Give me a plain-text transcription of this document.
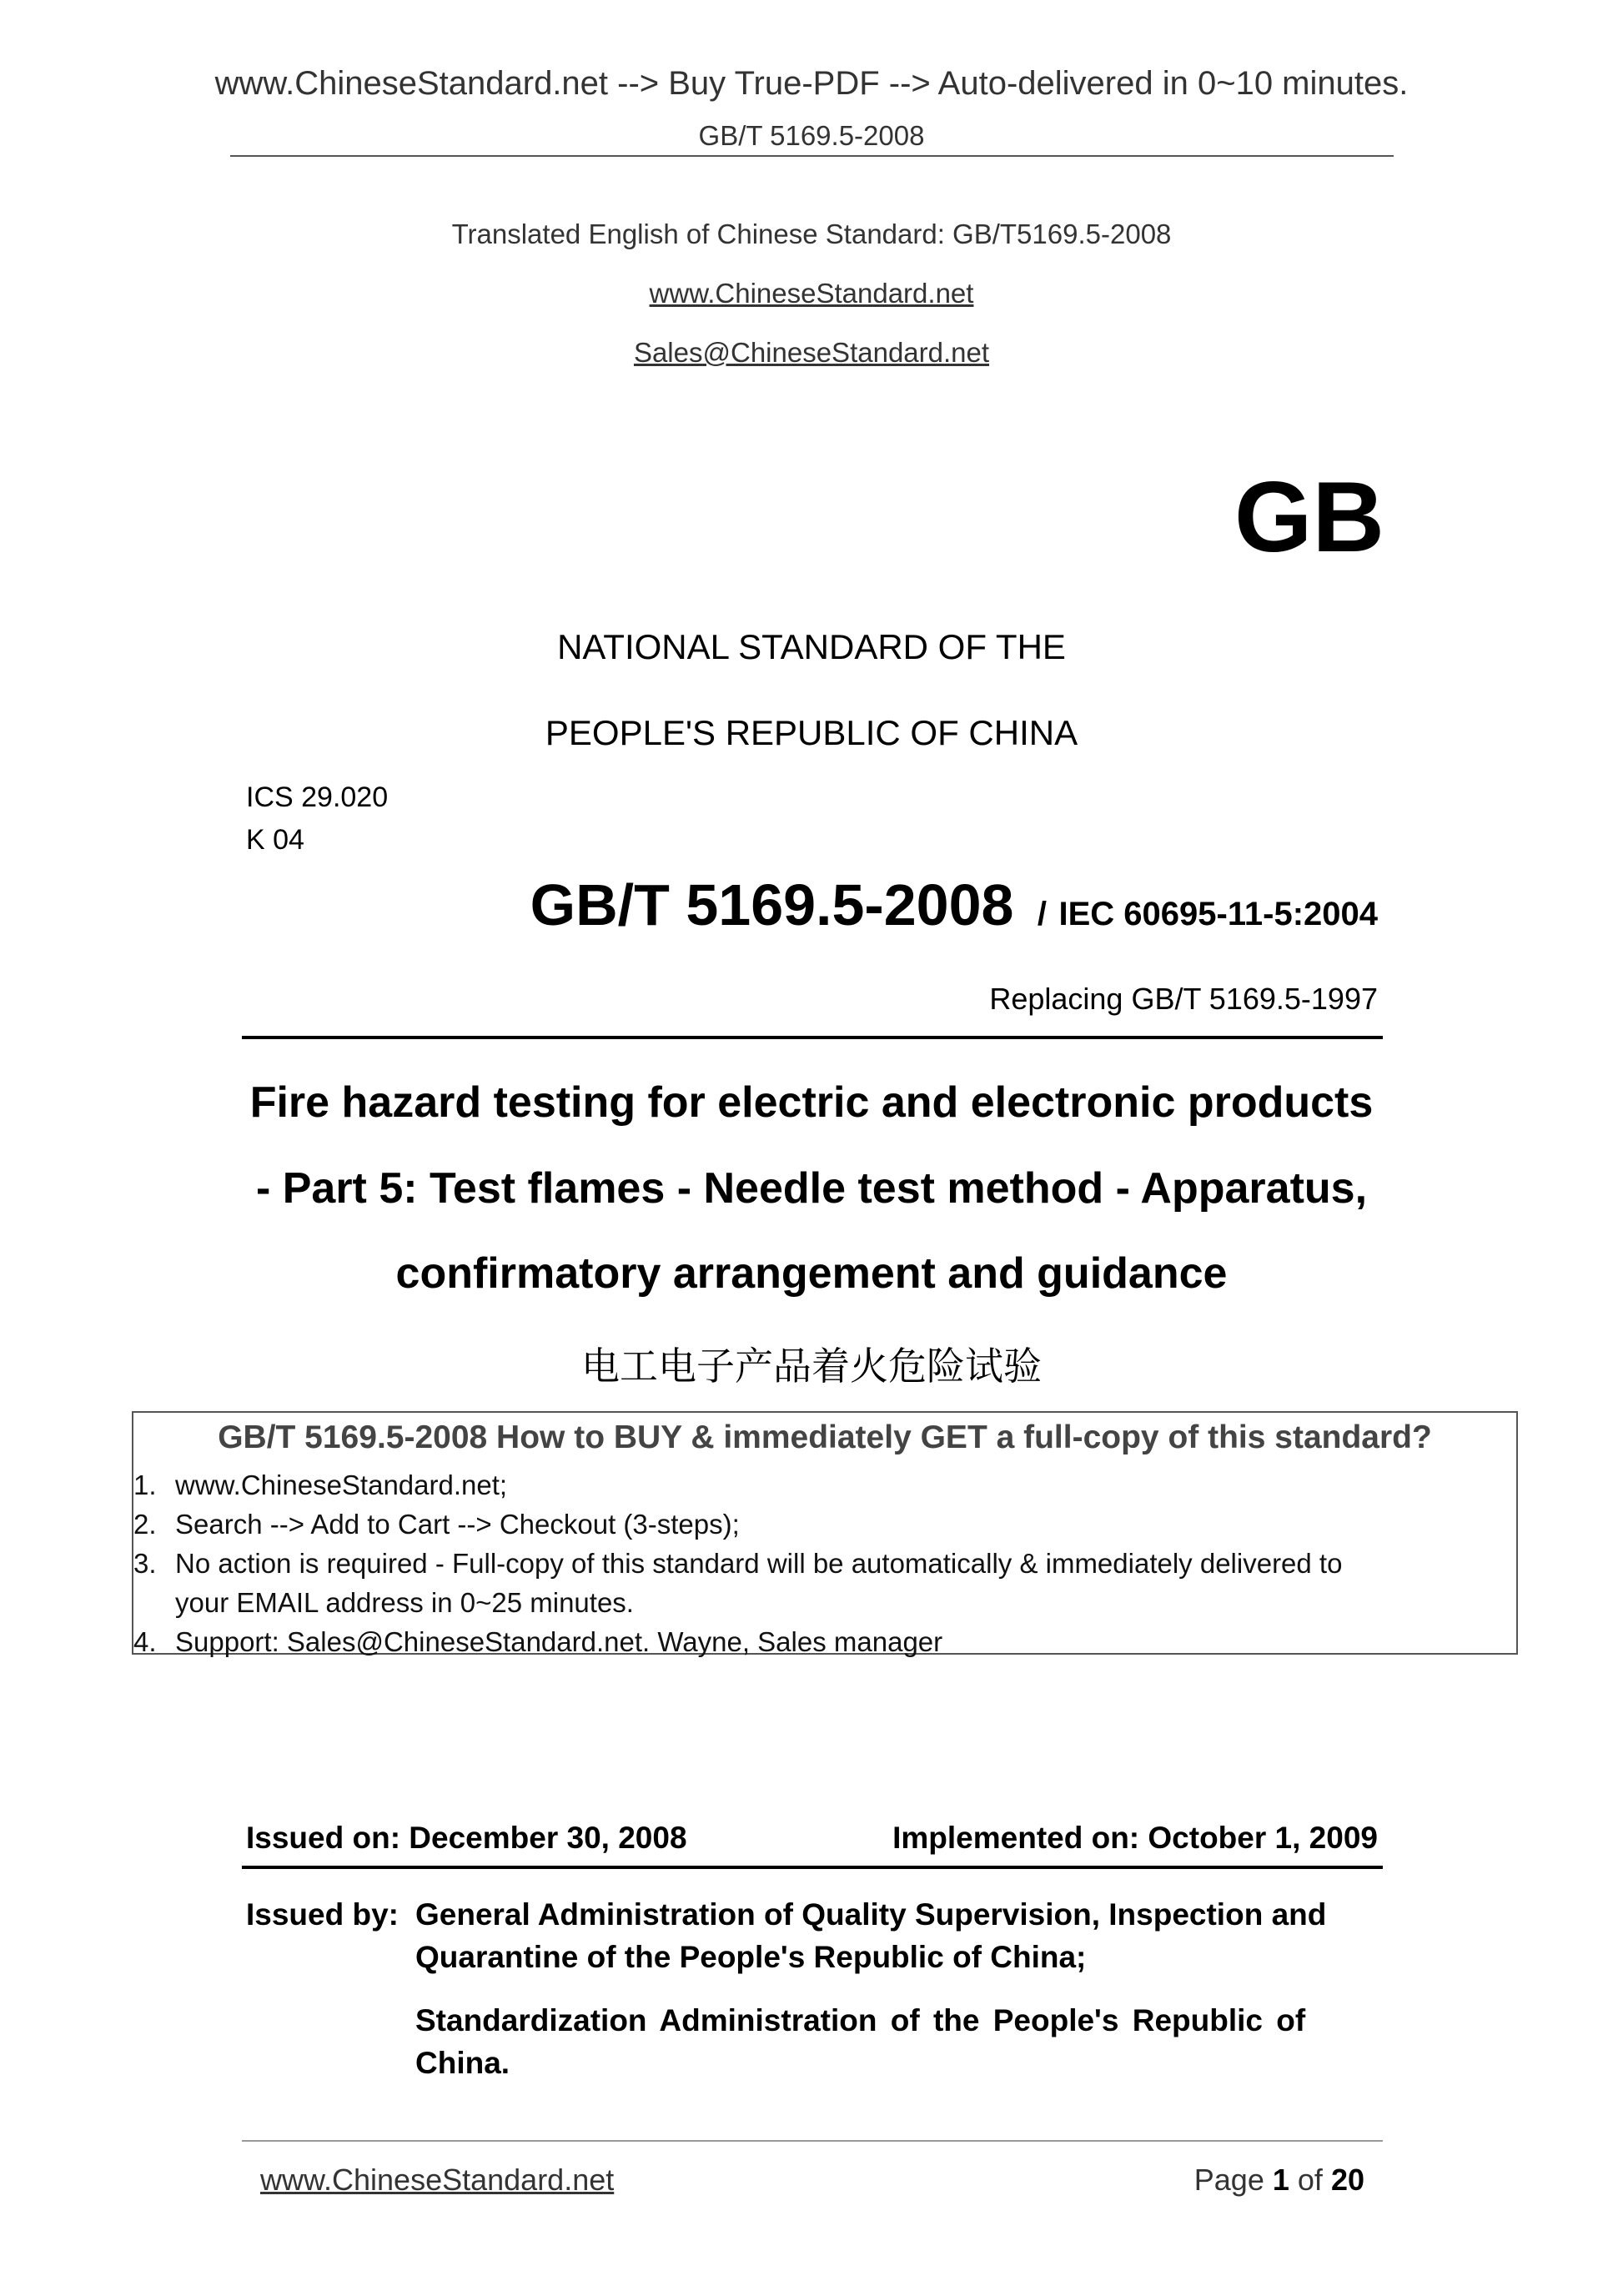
www.ChineseStandard.net --> Buy True-PDF --> Auto-delivered in 0~10 minutes.
GB/T 5169.5-2008
Translated English of Chinese Standard: GB/T5169.5-2008
www.ChineseStandard.net
Sales@ChineseStandard.net
GB
NATIONAL STANDARD OF THE
PEOPLE'S REPUBLIC OF CHINA
ICS 29.020
K 04
GB/T 5169.5-2008 / IEC 60695-11-5:2004
Replacing GB/T 5169.5-1997
Fire hazard testing for electric and electronic products
- Part 5: Test flames - Needle test method - Apparatus,
confirmatory arrangement and guidance
电工电子产品着火危险试验
GB/T 5169.5-2008 How to BUY & immediately GET a full-copy of this standard?
1. www.ChineseStandard.net;
2. Search --> Add to Cart --> Checkout (3-steps);
3. No action is required - Full-copy of this standard will be automatically & immediately delivered to
your EMAIL address in 0~25 minutes.
4. Support: Sales@ChineseStandard.net. Wayne, Sales manager
Issued on: December 30, 2008	Implemented on: October 1, 2009
Issued by: General Administration of Quality Supervision, Inspection and
Quarantine of the People's Republic of China;
Standardization Administration of the People's Republic of
China.
www.ChineseStandard.net	Page 1 of 20
